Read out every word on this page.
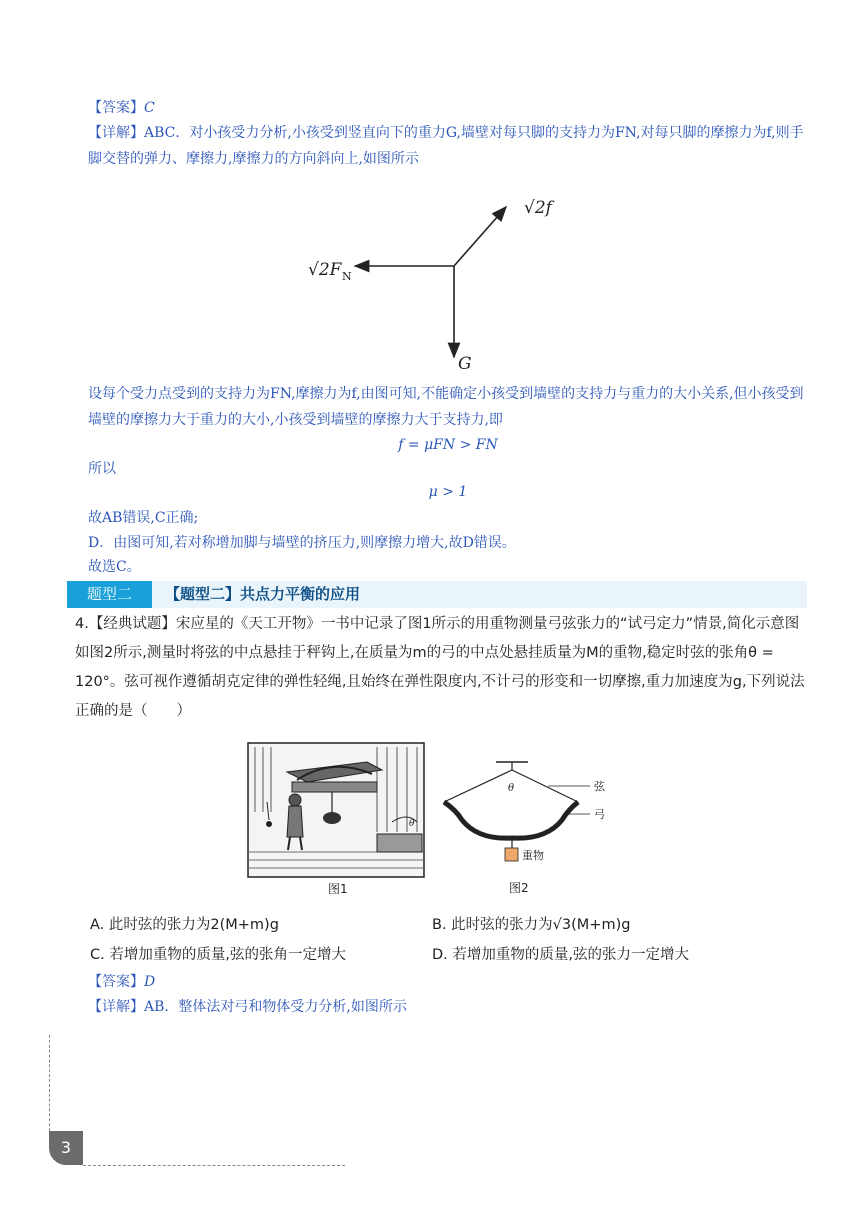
【答案】C
【详解】ABC．对小孩受力分析,小孩受到竖直向下的重力G,墙壁对每只脚的支持力为FN,对每只脚的摩擦力为f,则手脚交替的弹力、摩擦力,摩擦力的方向斜向上,如图所示
√2f
√2F N
G
设每个受力点受到的支持力为FN,摩擦力为f,由图可知,不能确定小孩受到墙壁的支持力与重力的大小关系,但小孩受到墙壁的摩擦力大于重力的大小,小孩受到墙壁的摩擦力大于支持力,即
f = μFN > FN
所以
μ > 1
故AB错误,C正确;
D．由图可知,若对称增加脚与墙壁的挤压力,则摩擦力增大,故D错误。
故选C。
题型二	【题型二】共点力平衡的应用
4.【经典试题】宋应星的《天工开物》一书中记录了图1所示的用重物测量弓弦张力的“试弓定力”情景,简化示意图如图2所示,测量时将弦的中点悬挂于秤钩上,在质量为m的弓的中点处悬挂质量为M的重物,稳定时弦的张角θ = 120°。弦可视作遵循胡克定律的弹性轻绳,且始终在弹性限度内,不计弓的形变和一切摩擦,重力加速度为g,下列说法正确的是（　　）
θ
图1
θ	弦
弓
重物
图2
A. 此时弦的张力为2(M+m)g	B. 此时弦的张力为√3(M+m)g
C. 若增加重物的质量,弦的张角一定增大	D. 若增加重物的质量,弦的张力一定增大
【答案】D
【详解】AB．整体法对弓和物体受力分析,如图所示
3
